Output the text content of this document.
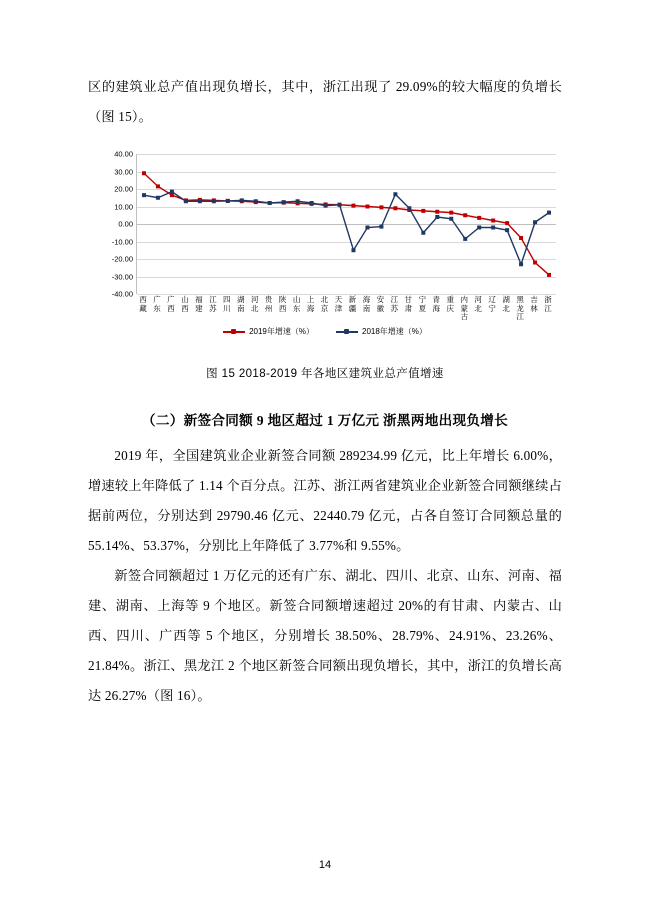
区的建筑业总产值出现负增长，其中，浙江出现了 29.09%的较大幅度的负增长（图 15）。

40.00
30.00
20.00
10.00
0.00
-10.00
-20.00
-30.00
-40.00
西藏
广东
广西
山西
福建
江苏
四川
湖南
河北
贵州
陕西
山东
上海
北京
天津
新疆
海南
安徽
江苏
甘肃
宁夏
青海
重庆
内蒙古
河北
辽宁
湖北
黑龙江
吉林
浙江
2019年增速（%）	2018年增速（%）
图 15 2018-2019 年各地区建筑业总产值增速
（二）新签合同额 9 地区超过 1 万亿元 浙黑两地出现负增长

2019 年，全国建筑业企业新签合同额 289234.99 亿元，比上年增长 6.00%，增速较上年降低了 1.14 个百分点。江苏、浙江两省建筑业企业新签合同额继续占据前两位，分别达到 29790.46 亿元、22440.79 亿元，占各自签订合同额总量的 55.14%、53.37%，分别比上年降低了 3.77%和 9.55%。

新签合同额超过 1 万亿元的还有广东、湖北、四川、北京、山东、河南、福建、湖南、上海等 9 个地区。新签合同额增速超过 20%的有甘肃、内蒙古、山西、四川、广西等 5 个地区，分别增长 38.50%、28.79%、24.91%、23.26%、21.84%。浙江、黑龙江 2 个地区新签合同额出现负增长，其中，浙江的负增长高达 26.27%（图 16）。

14
